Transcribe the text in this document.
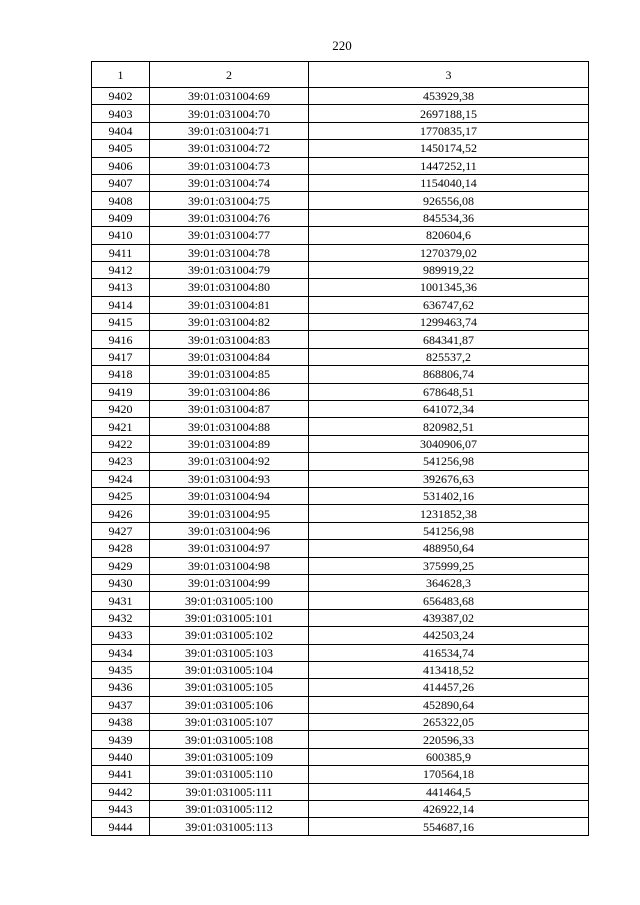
220
1	2	3
9402	39:01:031004:69	453929,38
9403	39:01:031004:70	2697188,15
9404	39:01:031004:71	1770835,17
9405	39:01:031004:72	1450174,52
9406	39:01:031004:73	1447252,11
9407	39:01:031004:74	1154040,14
9408	39:01:031004:75	926556,08
9409	39:01:031004:76	845534,36
9410	39:01:031004:77	820604,6
9411	39:01:031004:78	1270379,02
9412	39:01:031004:79	989919,22
9413	39:01:031004:80	1001345,36
9414	39:01:031004:81	636747,62
9415	39:01:031004:82	1299463,74
9416	39:01:031004:83	684341,87
9417	39:01:031004:84	825537,2
9418	39:01:031004:85	868806,74
9419	39:01:031004:86	678648,51
9420	39:01:031004:87	641072,34
9421	39:01:031004:88	820982,51
9422	39:01:031004:89	3040906,07
9423	39:01:031004:92	541256,98
9424	39:01:031004:93	392676,63
9425	39:01:031004:94	531402,16
9426	39:01:031004:95	1231852,38
9427	39:01:031004:96	541256,98
9428	39:01:031004:97	488950,64
9429	39:01:031004:98	375999,25
9430	39:01:031004:99	364628,3
9431	39:01:031005:100	656483,68
9432	39:01:031005:101	439387,02
9433	39:01:031005:102	442503,24
9434	39:01:031005:103	416534,74
9435	39:01:031005:104	413418,52
9436	39:01:031005:105	414457,26
9437	39:01:031005:106	452890,64
9438	39:01:031005:107	265322,05
9439	39:01:031005:108	220596,33
9440	39:01:031005:109	600385,9
9441	39:01:031005:110	170564,18
9442	39:01:031005:111	441464,5
9443	39:01:031005:112	426922,14
9444	39:01:031005:113	554687,16
